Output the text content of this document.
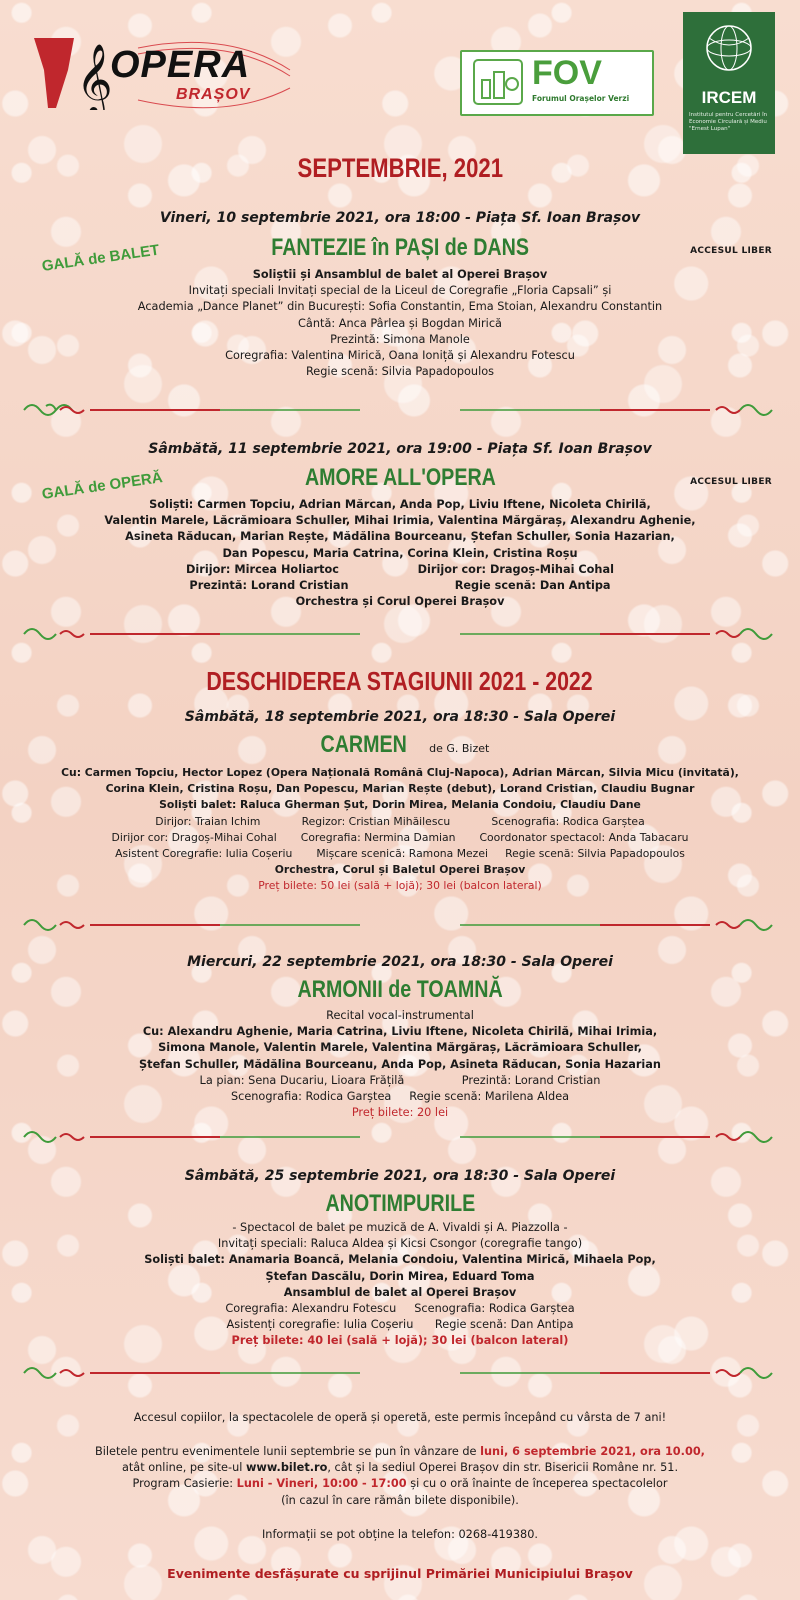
𝄞
OPERA
BRAȘOV
FOV
Forumul Orașelor Verzi	IRCEM
Institutul pentru Cercetări în Economie Circulară și Mediu "Ernest Lupan"
SEPTEMBRIE, 2021
Vineri, 10 septembrie 2021, ora 18:00 - Piața Sf. Ioan Brașov
GALĂ de BALET	FANTEZIE în PAȘI de DANS	ACCESUL LIBER
Soliștii și Ansamblul de balet al Operei Brașov
Invitați speciali Invitați special de la Liceul de Coregrafie „Floria Capsali” și
Academia „Dance Planet” din București: Sofia Constantin, Ema Stoian, Alexandru Constantin
Cântă: Anca Pârlea și Bogdan Mirică
Prezintă: Simona Manole
Coregrafia: Valentina Mirică, Oana Ioniță și Alexandru Fotescu
Regie scenă: Silvia Papadopoulos
Sâmbătă, 11 septembrie 2021, ora 19:00 - Piața Sf. Ioan Brașov
GALĂ de OPERĂ	AMORE ALL'OPERA	ACCESUL LIBER
Soliști: Carmen Topciu, Adrian Mărcan, Anda Pop, Liviu Iftene, Nicoleta Chirilă,
Valentin Marele, Lăcrămioara Schuller, Mihai Irimia, Valentina Mărgăraș, Alexandru Aghenie,
Asineta Răducan, Marian Rește, Mădălina Bourceanu, Ștefan Schuller, Sonia Hazarian,
Dan Popescu, Maria Catrina, Corina Klein, Cristina Roșu
Dirijor: Mircea Holiartoc                    Dirijor cor: Dragoș-Mihai Cohal
Prezintă: Lorand Cristian                           Regie scenă: Dan Antipa
Orchestra și Corul Operei Brașov
DESCHIDEREA STAGIUNII 2021 - 2022
Sâmbătă, 18 septembrie 2021, ora 18:30 - Sala Operei
CARMEN de G. Bizet
Cu: Carmen Topciu, Hector Lopez (Opera Națională Română Cluj-Napoca), Adrian Mărcan, Silvia Micu (invitată),
Corina Klein, Cristina Roșu, Dan Popescu, Marian Rește (debut), Lorand Cristian, Claudiu Bugnar
Soliști balet: Raluca Gherman Șut, Dorin Mirea, Melania Condoiu, Claudiu Dane
Dirijor: Traian Ichim            Regizor: Cristian Mihăilescu            Scenografia: Rodica Garștea
Dirijor cor: Dragoș-Mihai Cohal       Coregrafia: Nermina Damian       Coordonator spectacol: Anda Tabacaru
Asistent Coregrafie: Iulia Coșeriu       Mișcare scenică: Ramona Mezei     Regie scenă: Silvia Papadopoulos
Orchestra, Corul și Baletul Operei Brașov
Preț bilete: 50 lei (sală + lojă); 30 lei (balcon lateral)
Miercuri, 22 septembrie 2021, ora 18:30 - Sala Operei
ARMONII de TOAMNĂ
Recital vocal-instrumental
Cu: Alexandru Aghenie, Maria Catrina, Liviu Iftene, Nicoleta Chirilă, Mihai Irimia,
Simona Manole, Valentin Marele, Valentina Mărgăraș, Lăcrămioara Schuller,
Ștefan Schuller, Mădălina Bourceanu, Anda Pop, Asineta Răducan, Sonia Hazarian
La pian: Sena Ducariu, Lioara Frățilă                Prezintă: Lorand Cristian
Scenografia: Rodica Garștea     Regie scenă: Marilena Aldea
Preț bilete: 20 lei
Sâmbătă, 25 septembrie 2021, ora 18:30 - Sala Operei
ANOTIMPURILE
- Spectacol de balet pe muzică de A. Vivaldi și A. Piazzolla -
Invitați speciali: Raluca Aldea și Kicsi Csongor (coregrafie tango)
Soliști balet: Anamaria Boancă, Melania Condoiu, Valentina Mirică, Mihaela Pop,
Ștefan Dascălu, Dorin Mirea, Eduard Toma
Ansamblul de balet al Operei Brașov
Coregrafia: Alexandru Fotescu     Scenografia: Rodica Garștea
Asistenți coregrafie: Iulia Coșeriu      Regie scenă: Dan Antipa
Preț bilete: 40 lei (sală + lojă); 30 lei (balcon lateral)
Accesul copiilor, la spectacolele de operă și operetă, este permis începând cu vârsta de 7 ani!
Biletele pentru evenimentele lunii septembrie se pun în vânzare de luni, 6 septembrie 2021, ora 10.00,
atât online, pe site-ul www.bilet.ro, cât și la sediul Operei Brașov din str. Bisericii Române nr. 51.
Program Casierie: Luni - Vineri, 10:00 - 17:00 și cu o oră înainte de începerea spectacolelor
(în cazul în care rămân bilete disponibile).
Informații se pot obține la telefon: 0268-419380.
Evenimente desfășurate cu sprijinul Primăriei Municipiului Brașov
